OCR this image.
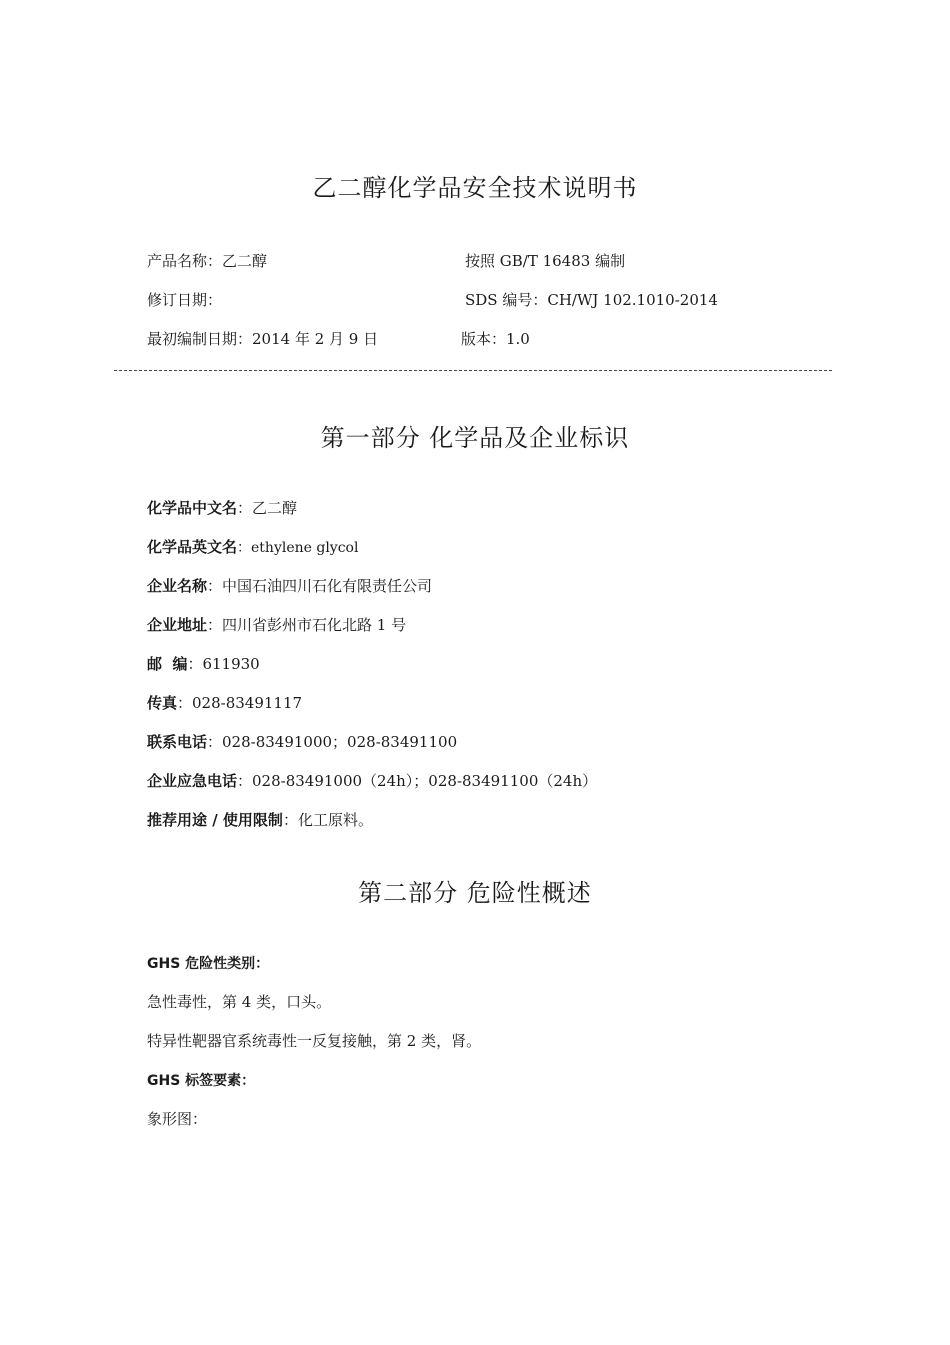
乙二醇化学品安全技术说明书
产品名称：乙二醇	按照 GB/T 16483 编制
修订日期：	SDS 编号：CH/WJ 102.1010-2014
最初编制日期：2014 年 2 月 9 日	版本：1.0
第一部分 化学品及企业标识
化学品中文名：乙二醇
化学品英文名：ethylene glycol
企业名称：中国石油四川石化有限责任公司
企业地址：四川省彭州市石化北路 1 号
邮  编：611930
传真：028-83491117
联系电话：028-83491000；028-83491100
企业应急电话：028-83491000（24h）；028-83491100（24h）
推荐用途 / 使用限制：化工原料。
第二部分 危险性概述
GHS 危险性类别：
急性毒性，第 4 类，口头。
特异性靶器官系统毒性一反复接触，第 2 类，肾。
GHS 标签要素：
象形图：
